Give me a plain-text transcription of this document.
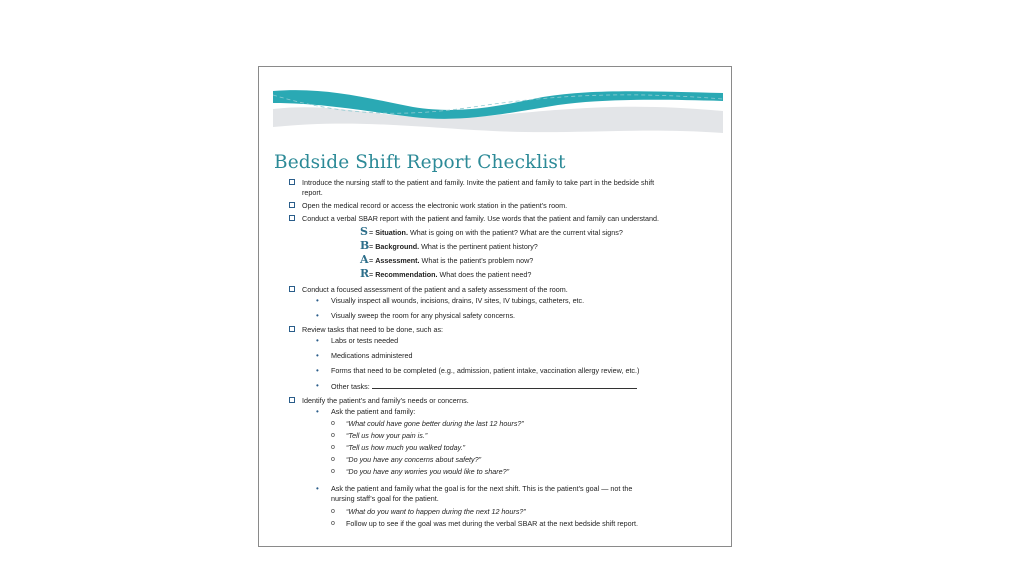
Bedside Shift Report Checklist
Introduce the nursing staff to the patient and family. Invite the patient and family to take part in the bedside shift
report.
Open the medical record or access the electronic work station in the patient’s room.
Conduct a verbal SBAR report with the patient and family. Use words that the patient and family can understand.
S = Situation. What is going on with the patient? What are the current vital signs?
B = Background. What is the pertinent patient history?
A = Assessment. What is the patient’s problem now?
R = Recommendation. What does the patient need?
Conduct a focused assessment of the patient and a safety assessment of the room.
• Visually inspect all wounds, incisions, drains, IV sites, IV tubings, catheters, etc.
• Visually sweep the room for any physical safety concerns.
Review tasks that need to be done, such as:
• Labs or tests needed
• Medications administered
• Forms that need to be completed (e.g., admission, patient intake, vaccination allergy review, etc.)
• Other tasks:
Identify the patient’s and family’s needs or concerns.
• Ask the patient and family:
o “What could have gone better during the last 12 hours?”
o “Tell us how your pain is.”
o “Tell us how much you walked today.”
o “Do you have any concerns about safety?”
o “Do you have any worries you would like to share?”
• Ask the patient and family what the goal is for the next shift. This is the patient’s goal — not the
nursing staff’s goal for the patient.
o “What do you want to happen during the next 12 hours?”
o Follow up to see if the goal was met during the verbal SBAR at the next bedside shift report.
